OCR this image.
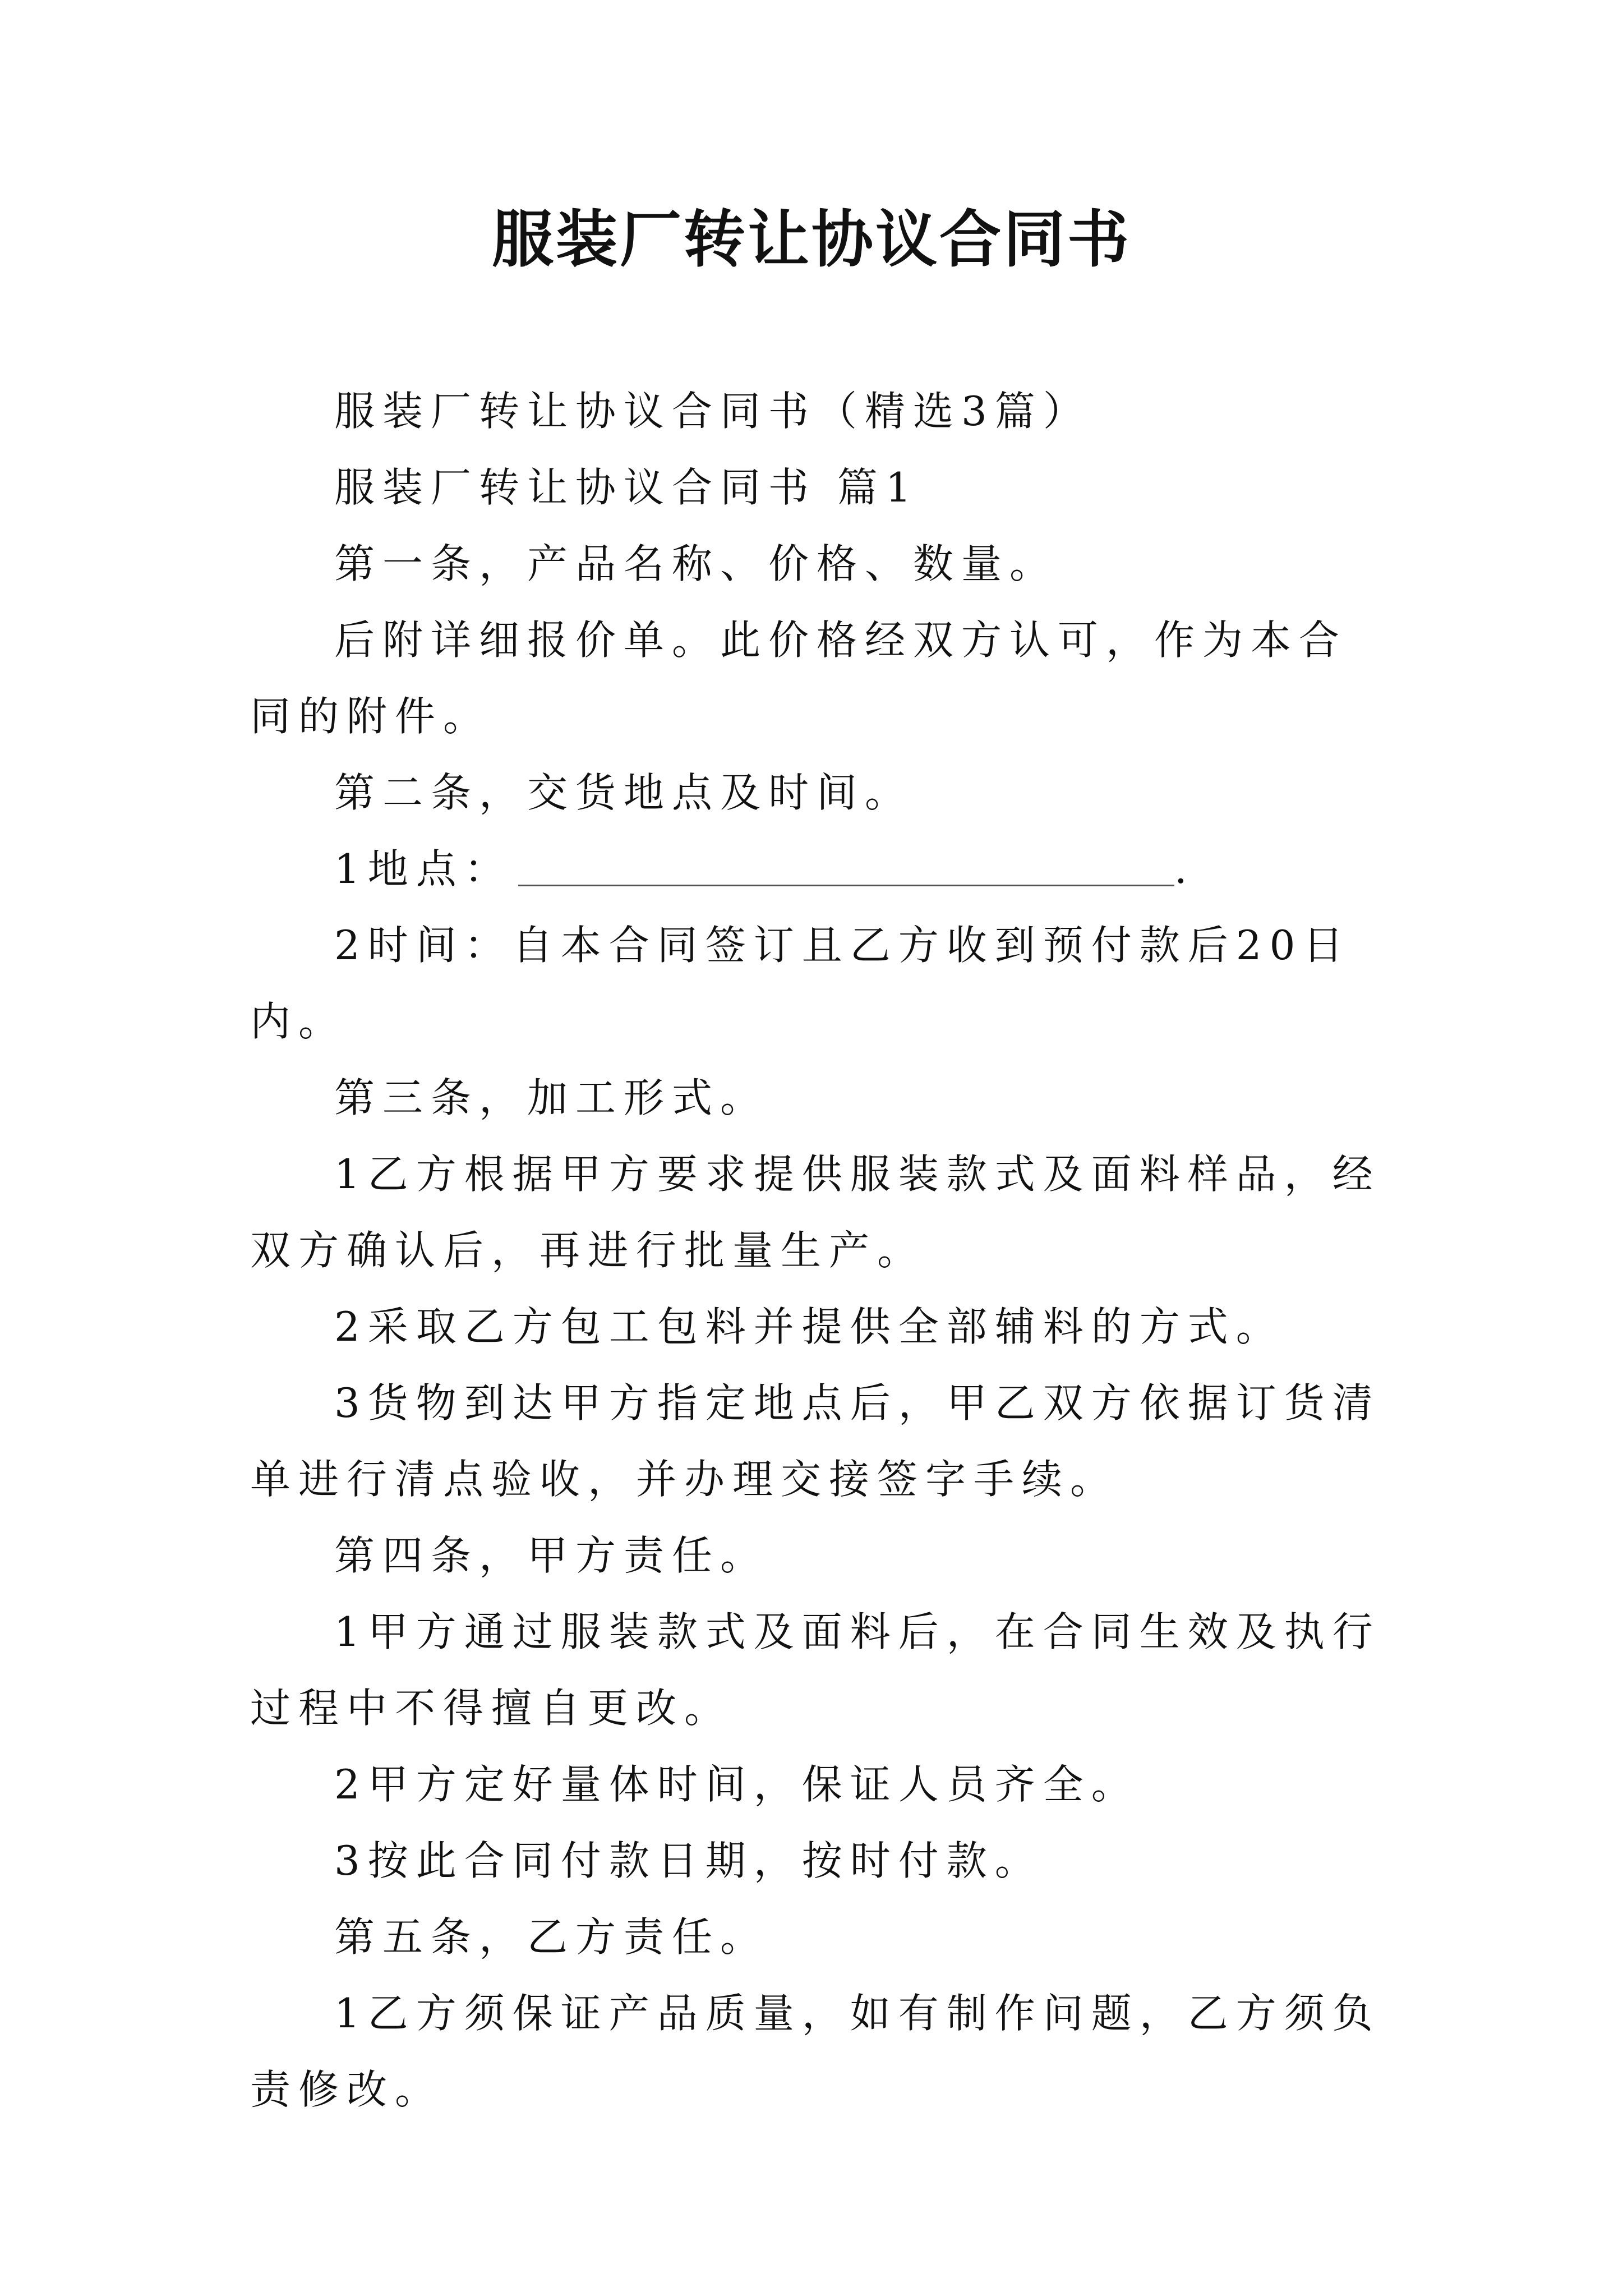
服装厂转让协议合同书

服装厂转让协议合同书（精选3篇）

服装厂转让协议合同书 篇1

第一条，产品名称、价格、数量。

后附详细报价单。此价格经双方认可，作为本合同的附件。

第二条，交货地点及时间。

1地点：	.

2时间：自本合同签订且乙方收到预付款后20日内。

第三条，加工形式。

1乙方根据甲方要求提供服装款式及面料样品，经双方确认后，再进行批量生产。

2采取乙方包工包料并提供全部辅料的方式。

3货物到达甲方指定地点后，甲乙双方依据订货清单进行清点验收，并办理交接签字手续。

第四条，甲方责任。

1甲方通过服装款式及面料后，在合同生效及执行过程中不得擅自更改。

2甲方定好量体时间，保证人员齐全。

3按此合同付款日期，按时付款。

第五条，乙方责任。

1乙方须保证产品质量，如有制作问题，乙方须负责修改。
